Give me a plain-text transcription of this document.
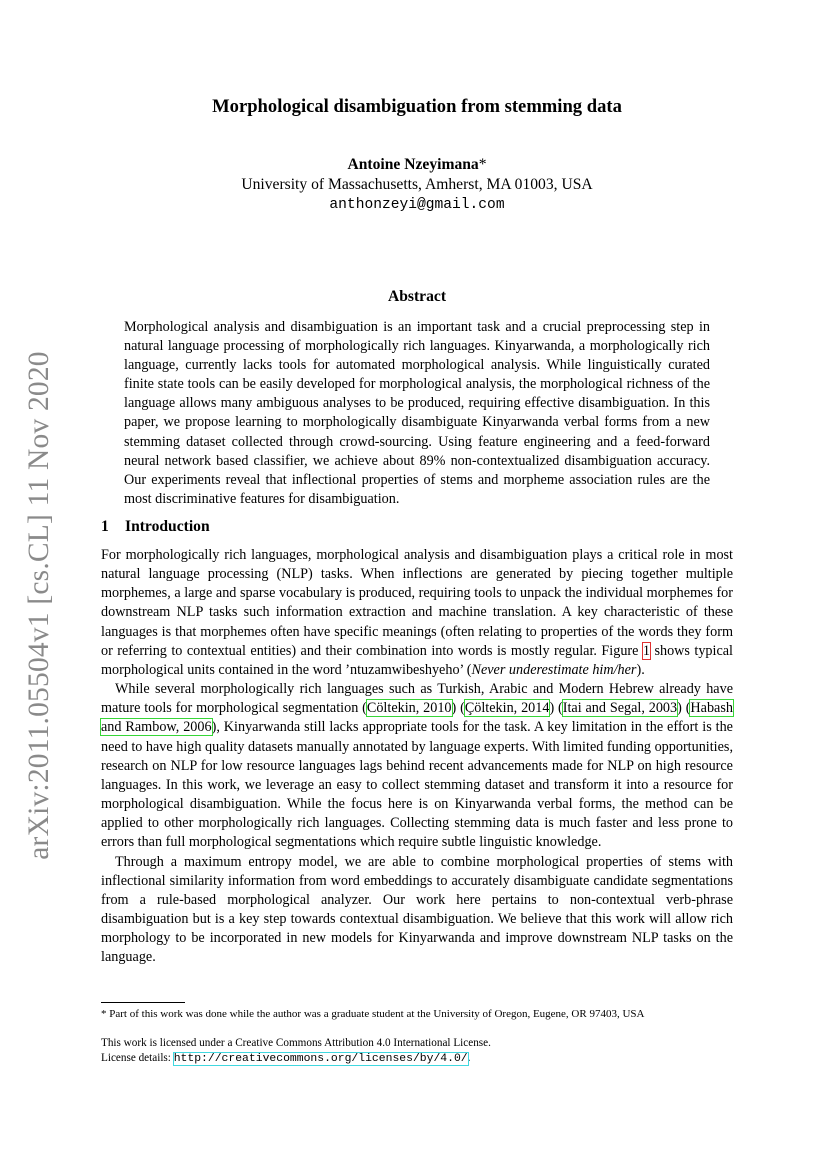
arXiv:2011.05504v1 [cs.CL] 11 Nov 2020
Morphological disambiguation from stemming data
Antoine Nzeyimana*
University of Massachusetts, Amherst, MA 01003, USA
anthonzeyi@gmail.com
Abstract
Morphological analysis and disambiguation is an important task and a crucial preprocessing step in natural language processing of morphologically rich languages. Kinyarwanda, a morphologically rich language, currently lacks tools for automated morphological analysis. While linguistically curated finite state tools can be easily developed for morphological analysis, the morphological richness of the language allows many ambiguous analyses to be produced, requiring effective disambiguation. In this paper, we propose learning to morphologically disambiguate Kinyarwanda verbal forms from a new stemming dataset collected through crowd-sourcing. Using feature engineering and a feed-forward neural network based classifier, we achieve about 89% non-contextualized disambiguation accuracy. Our experiments reveal that inflectional properties of stems and morpheme association rules are the most discriminative features for disambiguation.
1 Introduction

For morphologically rich languages, morphological analysis and disambiguation plays a critical role in most natural language processing (NLP) tasks. When inflections are generated by piecing together multiple morphemes, a large and sparse vocabulary is produced, requiring tools to unpack the individual morphemes for downstream NLP tasks such information extraction and machine translation. A key characteristic of these languages is that morphemes often have specific meanings (often relating to properties of the words they form or referring to contextual entities) and their combination into words is mostly regular. Figure 1 shows typical morphological units contained in the word ’ntuzamwibeshyeho’ (Never underestimate him/her).

While several morphologically rich languages such as Turkish, Arabic and Modern Hebrew already have mature tools for morphological segmentation (Cöltekin, 2010) (Çöltekin, 2014) (Itai and Segal, 2003) (Habash and Rambow, 2006), Kinyarwanda still lacks appropriate tools for the task. A key limitation in the effort is the need to have high quality datasets manually annotated by language experts. With limited funding opportunities, research on NLP for low resource languages lags behind recent advancements made for NLP on high resource languages. In this work, we leverage an easy to collect stemming dataset and transform it into a resource for morphological disambiguation. While the focus here is on Kinyarwanda verbal forms, the method can be applied to other morphologically rich languages. Collecting stemming data is much faster and less prone to errors than full morphological segmentations which require subtle linguistic knowledge.

Through a maximum entropy model, we are able to combine morphological properties of stems with inflectional similarity information from word embeddings to accurately disambiguate candidate segmentations from a rule-based morphological analyzer. Our work here pertains to non-contextual verb-phrase disambiguation but is a key step towards contextual disambiguation. We believe that this work will allow rich morphology to be incorporated in new models for Kinyarwanda and improve downstream NLP tasks on the language.

* Part of this work was done while the author was a graduate student at the University of Oregon, Eugene, OR 97403, USA
This work is licensed under a Creative Commons Attribution 4.0 International License.
License details: http://creativecommons.org/licenses/by/4.0/.
